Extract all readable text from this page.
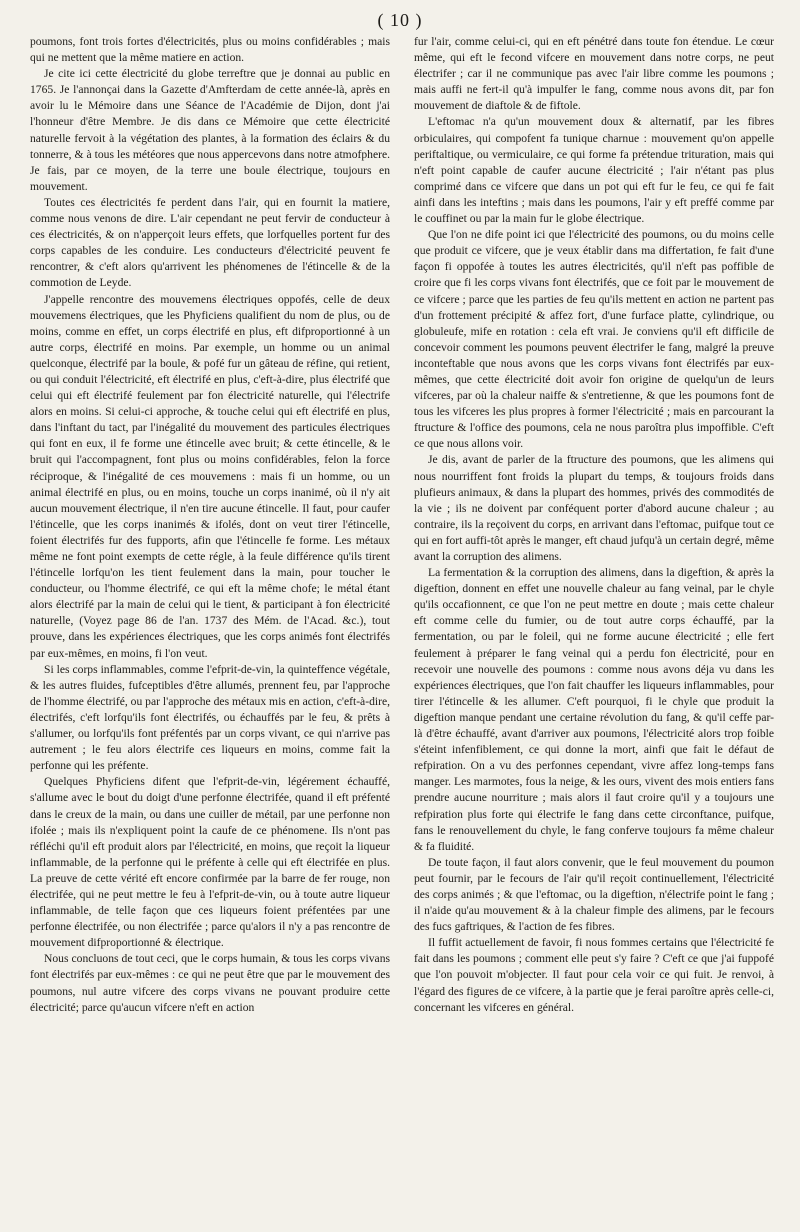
( 10 )

poumons, font trois fortes d'électricités, plus ou moins confidérables ; mais qui ne mettent que la même matiere en action.

Je cite ici cette électricité du globe terreftre que je donnai au public en 1765. Je l'annonçai dans la Gazette d'Amfterdam de cette année-là, après en avoir lu le Mémoire dans une Séance de l'Académie de Dijon, dont j'ai l'honneur d'être Membre. Je dis dans ce Mémoire que cette électricité naturelle fervoit à la végétation des plantes, à la formation des éclairs & du tonnerre, & à tous les météores que nous appercevons dans notre atmofphere. Je fais, par ce moyen, de la terre une boule électrique, toujours en mouvement.

Toutes ces électricités fe perdent dans l'air, qui en fournit la matiere, comme nous venons de dire. L'air cependant ne peut fervir de conducteur à ces électricités, & on n'apperçoit leurs effets, que lorfquelles portent fur des corps capables de les conduire. Les conducteurs d'électricité peuvent fe rencontrer, & c'eft alors qu'arrivent les phénomenes de l'étincelle & de la commotion de Leyde.

J'appelle rencontre des mouvemens électriques oppofés, celle de deux mouvemens électriques, que les Phyficiens qualifient du nom de plus, ou de moins, comme en effet, un corps électrifé en plus, eft difproportionné à un autre corps, électrifé en moins. Par exemple, un homme ou un animal quelconque, électrifé par la boule, & pofé fur un gâteau de réfine, qui retient, ou qui conduit l'électricité, eft électrifé en plus, c'eft-à-dire, plus électrifé que celui qui eft électrifé feulement par fon électricité naturelle, qui l'électrife alors en moins. Si celui-ci approche, & touche celui qui eft électrifé en plus, dans l'inftant du tact, par l'inégalité du mouvement des particules électriques qui font en eux, il fe forme une étincelle avec bruit; & cette étincelle, & le bruit qui l'accompagnent, font plus ou moins confidérables, felon la force réciproque, & l'inégalité de ces mouvemens : mais fi un homme, ou un animal électrifé en plus, ou en moins, touche un corps inanimé, où il n'y ait aucun mouvement électrique, il n'en tire aucune étincelle. Il faut, pour caufer l'étincelle, que les corps inanimés & ifolés, dont on veut tirer l'étincelle, foient électrifés fur des fupports, afin que l'étincelle fe forme. Les métaux même ne font point exempts de cette régle, à la feule différence qu'ils tirent l'étincelle lorfqu'on les tient feulement dans la main, pour toucher le conducteur, ou l'homme électrifé, ce qui eft la même chofe; le métal étant alors électrifé par la main de celui qui le tient, & participant à fon électricité naturelle, (Voyez page 86 de l'an. 1737 des Mém. de l'Acad. &c.), tout prouve, dans les expériences électriques, que les corps animés font électrifés par eux-mêmes, en moins, fi l'on veut.

Si les corps inflammables, comme l'efprit-de-vin, la quinteffence végétale, & les autres fluides, fufceptibles d'être allumés, prennent feu, par l'approche de l'homme électrifé, ou par l'approche des métaux mis en action, c'eft-à-dire, électrifés, c'eft lorfqu'ils font électrifés, ou échauffés par le feu, & prêts à s'allumer, ou lorfqu'ils font préfentés par un corps vivant, ce qui n'arrive pas autrement ; le feu alors électrife ces liqueurs en moins, comme fait la perfonne qui les préfente.

Quelques Phyficiens difent que l'efprit-de-vin, légérement échauffé, s'allume avec le bout du doigt d'une perfonne électrifée, quand il eft préfenté dans le creux de la main, ou dans une cuiller de métail, par une perfonne non ifolée ; mais ils n'expliquent point la caufe de ce phénomene. Ils n'ont pas réfléchi qu'il eft produit alors par l'électricité, en moins, que reçoit la liqueur inflammable, de la perfonne qui le préfente à celle qui eft électrifée en plus. La preuve de cette vérité eft encore confirmée par la barre de fer rouge, non électrifée, qui ne peut mettre le feu à l'efprit-de-vin, ou à toute autre liqueur inflammable, de telle façon que ces liqueurs foient préfentées par une perfonne électrifée, ou non électrifée ; parce qu'alors il n'y a pas rencontre de mouvement difproportionné & électrique.

Nous concluons de tout ceci, que le corps humain, & tous les corps vivans font électrifés par eux-mêmes : ce qui ne peut être que par le mouvement des poumons, nul autre vifcere des corps vivans ne pouvant produire cette électricité; parce qu'aucun vifcere n'eft en action

fur l'air, comme celui-ci, qui en eft pénétré dans toute fon étendue. Le cœur même, qui eft le fecond vifcere en mouvement dans notre corps, ne peut électrifer ; car il ne communique pas avec l'air libre comme les poumons ; mais auffi ne fert-il qu'à impulfer le fang, comme nous avons dit, par fon mouvement de diaftole & de fiftole.

L'eftomac n'a qu'un mouvement doux & alternatif, par les fibres orbiculaires, qui compofent fa tunique charnue : mouvement qu'on appelle periftaltique, ou vermiculaire, ce qui forme fa prétendue trituration, mais qui n'eft point capable de caufer aucune électricité ; l'air n'étant pas plus comprimé dans ce vifcere que dans un pot qui eft fur le feu, ce qui fe fait ainfi dans les inteftins ; mais dans les poumons, l'air y eft preffé comme par le couffinet ou par la main fur le globe électrique.

Que l'on ne dife point ici que l'électricité des poumons, ou du moins celle que produit ce vifcere, que je veux établir dans ma differtation, fe fait d'une façon fi oppofée à toutes les autres électricités, qu'il n'eft pas poffible de croire que fi les corps vivans font électrifés, que ce foit par le mouvement de ce vifcere ; parce que les parties de feu qu'ils mettent en action ne partent pas d'un frottement précipité & affez fort, d'une furface platte, cylindrique, ou globuleufe, mife en rotation : cela eft vrai. Je conviens qu'il eft difficile de concevoir comment les poumons peuvent électrifer le fang, malgré la preuve inconteftable que nous avons que les corps vivans font électrifés par eux-mêmes, que cette électricité doit avoir fon origine de quelqu'un de leurs vifceres, par où la chaleur naiffe & s'entretienne, & que les poumons font de tous les vifceres les plus propres à former l'électricité ; mais en parcourant la ftructure & l'office des poumons, cela ne nous paroîtra plus impoffible. C'eft ce que nous allons voir.

Je dis, avant de parler de la ftructure des poumons, que les alimens qui nous nourriffent font froids la plupart du temps, & toujours froids dans plufieurs animaux, & dans la plupart des hommes, privés des commodités de la vie ; ils ne doivent par conféquent porter d'abord aucune chaleur ; au contraire, ils la reçoivent du corps, en arrivant dans l'eftomac, puifque tout ce qui en fort auffi-tôt après le manger, eft chaud jufqu'à un certain degré, même avant la corruption des alimens.

La fermentation & la corruption des alimens, dans la digeftion, & après la digeftion, donnent en effet une nouvelle chaleur au fang veinal, par le chyle qu'ils occafionnent, ce que l'on ne peut mettre en doute ; mais cette chaleur eft comme celle du fumier, ou de tout autre corps échauffé, par la fermentation, ou par le foleil, qui ne forme aucune électricité ; elle fert feulement à préparer le fang veinal qui a perdu fon électricité, pour en recevoir une nouvelle des poumons : comme nous avons déja vu dans les expériences électriques, que l'on fait chauffer les liqueurs inflammables, pour tirer l'étincelle & les allumer. C'eft pourquoi, fi le chyle que produit la digeftion manque pendant une certaine révolution du fang, & qu'il ceffe par-là d'être échauffé, avant d'arriver aux poumons, l'électricité alors trop foible s'éteint infenfiblement, ce qui donne la mort, ainfi que fait le défaut de refpiration. On a vu des perfonnes cependant, vivre affez long-temps fans manger. Les marmotes, fous la neige, & les ours, vivent des mois entiers fans prendre aucune nourriture ; mais alors il faut croire qu'il y a toujours une refpiration plus forte qui électrife le fang dans cette circonftance, puifque, fans le renouvellement du chyle, le fang conferve toujours fa même chaleur & fa fluidité.

De toute façon, il faut alors convenir, que le feul mouvement du poumon peut fournir, par le fecours de l'air qu'il reçoit continuellement, l'électricité des corps animés ; & que l'eftomac, ou la digeftion, n'électrife point le fang ; il n'aide qu'au mouvement & à la chaleur fimple des alimens, par le fecours des fucs gaftriques, & l'action de fes fibres.

Il fuffit actuellement de favoir, fi nous fommes certains que l'électricité fe fait dans les poumons ; comment elle peut s'y faire ? C'eft ce que j'ai fuppofé que l'on pouvoit m'objecter. Il faut pour cela voir ce qui fuit. Je renvoi, à l'égard des figures de ce vifcere, à la partie que je ferai paroître après celle-ci, concernant les vifceres en général.
